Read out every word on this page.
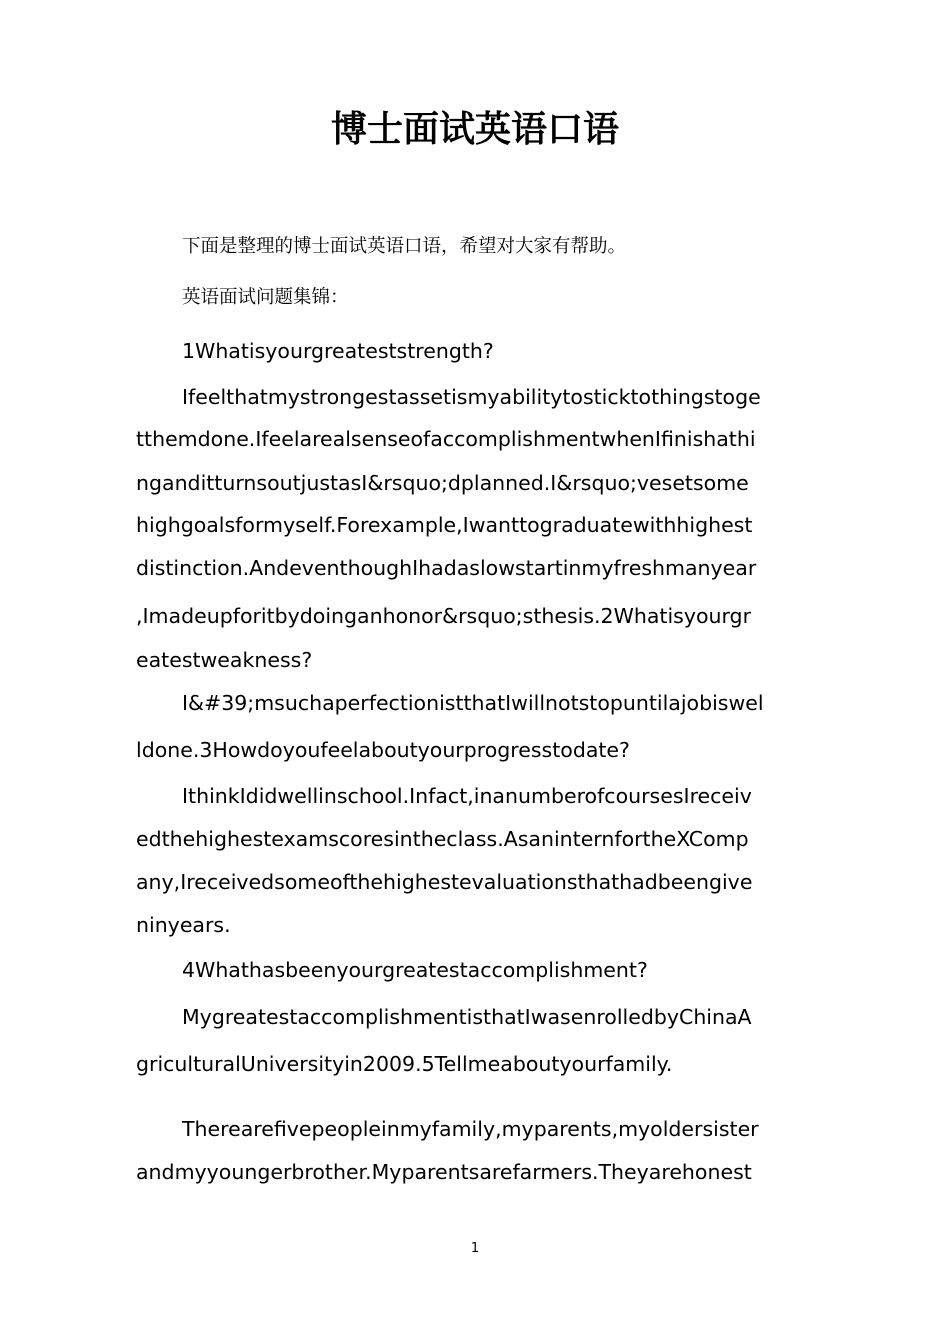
博士面试英语口语

下面是整理的博士面试英语口语，希望对大家有帮助。

英语面试问题集锦：

1Whatisyourgreateststrength?

Ifeelthatmystrongestassetismyabilitytosticktothingstoge

tthemdone.IfeelarealsenseofaccomplishmentwhenIfinishathi

nganditturnsoutjustasI&rsquo;dplanned.I&rsquo;vesetsome

highgoalsformyself.Forexample,Iwanttograduatewithhighest

distinction.AndeventhoughIhadaslowstartinmyfreshmanyear

,Imadeupforitbydoinganhonor&rsquo;sthesis.2Whatisyourgr

eatestweakness?

I&#39;msuchaperfectionistthatIwillnotstopuntilajobiswel

ldone.3Howdoyoufeelaboutyourprogresstodate?

IthinkIdidwellinschool.Infact,inanumberofcoursesIreceiv

edthehighestexamscoresintheclass.AsaninternfortheXComp

any,Ireceivedsomeofthehighestevaluationsthathadbeengive

ninyears.

4Whathasbeenyourgreatestaccomplishment?

MygreatestaccomplishmentisthatIwasenrolledbyChinaA

griculturalUniversityin2009.5Tellmeaboutyourfamily.

Therearefivepeopleinmyfamily,myparents,myoldersister

andmyyoungerbrother.Myparentsarefarmers.Theyarehonest

1
